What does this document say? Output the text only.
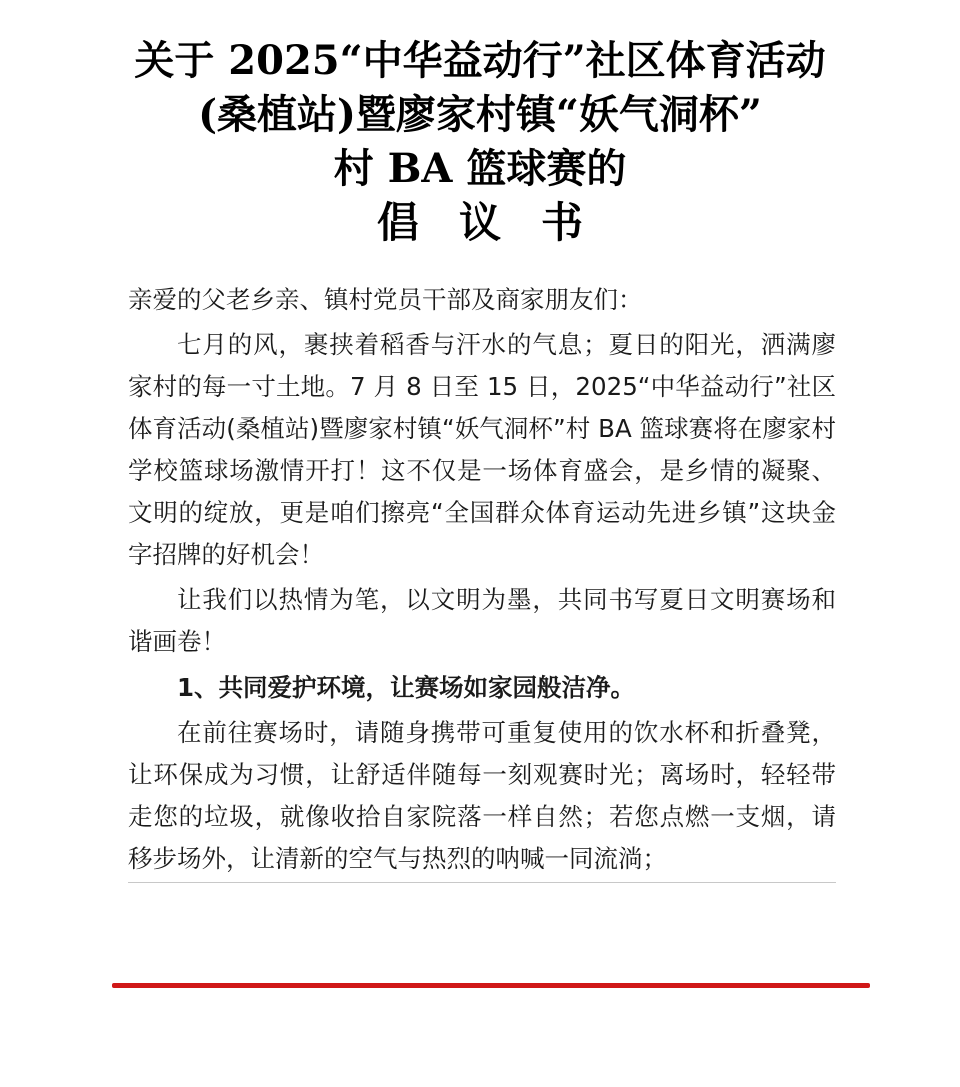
关于 2025“中华益动行”社区体育活动
(桑植站)暨廖家村镇“妖气洞杯”
村 BA 篮球赛的
倡议书

亲爱的父老乡亲、镇村党员干部及商家朋友们：

七月的风，裹挟着稻香与汗水的气息；夏日的阳光，洒满廖家村的每一寸土地。7 月 8 日至 15 日，2025“中华益动行”社区体育活动(桑植站)暨廖家村镇“妖气洞杯”村 BA 篮球赛将在廖家村学校篮球场激情开打！这不仅是一场体育盛会，是乡情的凝聚、文明的绽放，更是咱们擦亮“全国群众体育运动先进乡镇”这块金字招牌的好机会！

让我们以热情为笔，以文明为墨，共同书写夏日文明赛场和谐画卷！

1、共同爱护环境，让赛场如家园般洁净。

在前往赛场时，请随身携带可重复使用的饮水杯和折叠凳，让环保成为习惯，让舒适伴随每一刻观赛时光；离场时，轻轻带走您的垃圾，就像收拾自家院落一样自然；若您点燃一支烟，请移步场外，让清新的空气与热烈的呐喊一同流淌；
